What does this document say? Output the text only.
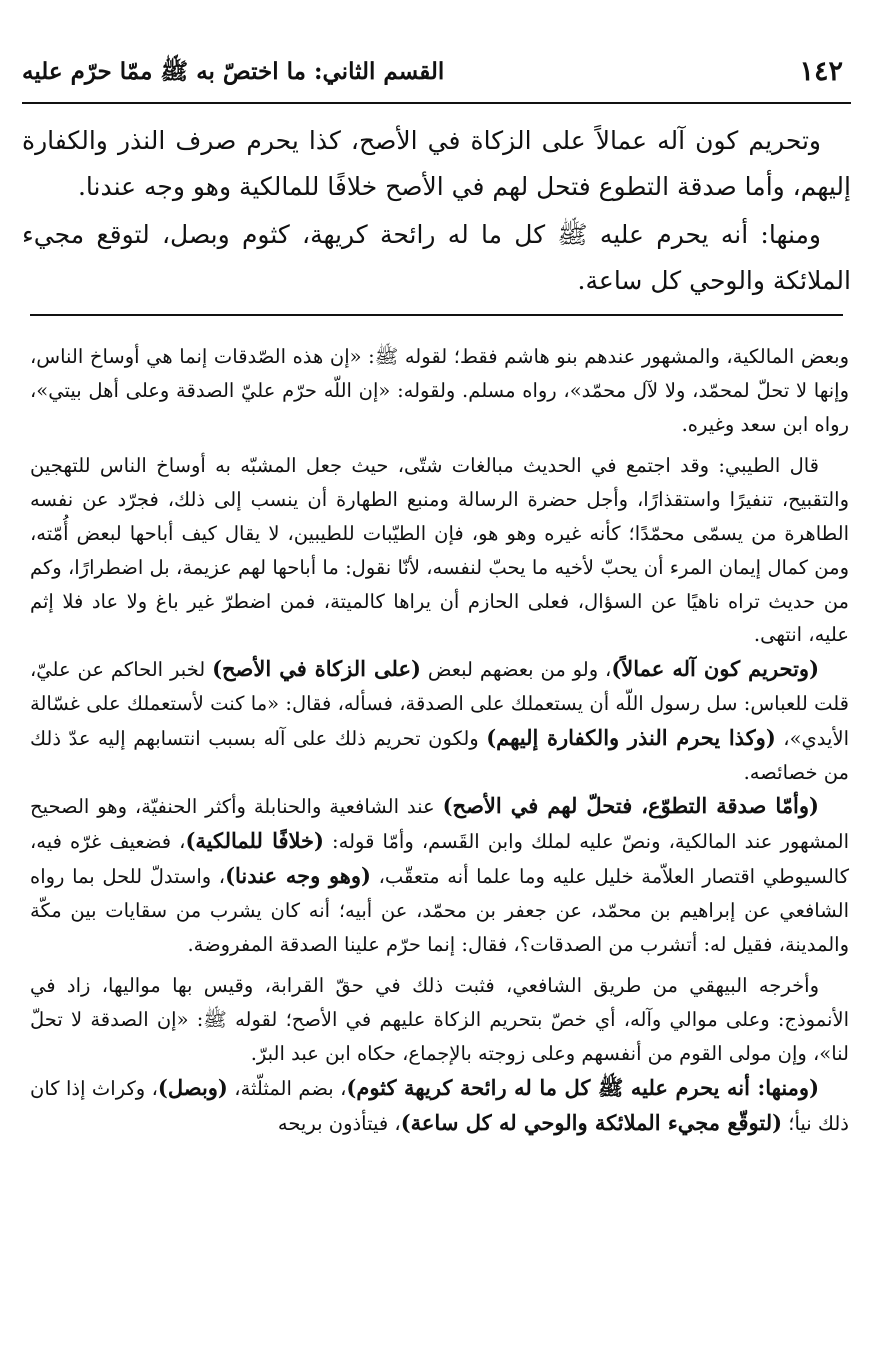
١٤٢
القسم الثاني: ما اختصّ به ﷺ ممّا حرّم عليه

وتحريم كون آله عمالاً على الزكاة في الأصح، كذا يحرم صرف النذر والكفارة إليهم، وأما صدقة التطوع فتحل لهم في الأصح خلافًا للمالكية وهو وجه عندنا.

ومنها: أنه يحرم عليه ﷺ كل ما له رائحة كريهة، كثوم وبصل، لتوقع مجيء الملائكة والوحي كل ساعة.

وبعض المالكية، والمشهور عندهم بنو هاشم فقط؛ لقوله ﷺ: «إن هذه الصّدقات إنما هي أوساخ الناس، وإنها لا تحلّ لمحمّد، ولا لآل محمّد»، رواه مسلم. ولقوله: «إن اللّه حرّم عليّ الصدقة وعلى أهل بيتي»، رواه ابن سعد وغيره.

قال الطيبي: وقد اجتمع في الحديث مبالغات شتّى، حيث جعل المشبّه به أوساخ الناس للتهجين والتقبيح، تنفيرًا واستقذارًا، وأجل حضرة الرسالة ومنبع الطهارة أن ينسب إلى ذلك، فجرّد عن نفسه الطاهرة من يسمّى محمّدًا؛ كأنه غيره وهو هو، فإن الطيّبات للطيبين، لا يقال كيف أباحها لبعض أُمّته، ومن كمال إيمان المرء أن يحبّ لأخيه ما يحبّ لنفسه، لأنّا نقول: ما أباحها لهم عزيمة، بل اضطرارًا، وكم من حديث تراه ناهيًا عن السؤال، فعلى الحازم أن يراها كالميتة، فمن اضطرّ غير باغ ولا عاد فلا إثم عليه، انتهى.

(وتحريم كون آله عمالاً)، ولو من بعضهم لبعض (على الزكاة في الأصح) لخبر الحاكم عن عليّ، قلت للعباس: سل رسول اللّه أن يستعملك على الصدقة، فسأله، فقال: «ما كنت لأستعملك على غسّالة الأيدي»، (وكذا يحرم النذر والكفارة إليهم) ولكون تحريم ذلك على آله بسبب انتسابهم إليه عدّ ذلك من خصائصه.

(وأمّا صدقة التطوّع، فتحلّ لهم في الأصح) عند الشافعية والحنابلة وأكثر الحنفيّة، وهو الصحيح المشهور عند المالكية، ونصّ عليه لملك وابن القَسم، وأمّا قوله: (خلافًا للمالكية)، فضعيف غرّه فيه، كالسيوطي اقتصار العلاّمة خليل عليه وما علما أنه متعقّب، (وهو وجه عندنا)، واستدلّ للحل بما رواه الشافعي عن إبراهيم بن محمّد، عن جعفر بن محمّد، عن أبيه؛ أنه كان يشرب من سقايات بين مكّة والمدينة، فقيل له: أتشرب من الصدقات؟، فقال: إنما حرّم علينا الصدقة المفروضة.

وأخرجه البيهقي من طريق الشافعي، فثبت ذلك في حقّ القرابة، وقيس بها مواليها، زاد في الأنموذج: وعلى موالي وآله، أي خصّ بتحريم الزكاة عليهم في الأصح؛ لقوله ﷺ: «إن الصدقة لا تحلّ لنا»، وإن مولى القوم من أنفسهم وعلى زوجته بالإجماع، حكاه ابن عبد البرّ.

(ومنها: أنه يحرم عليه ﷺ كل ما له رائحة كريهة كثوم)، بضم المثلّثة، (وبصل)، وكراث إذا كان ذلك نيأ؛ (لتوقّع مجيء الملائكة والوحي له كل ساعة)، فيتأذون بريحه
